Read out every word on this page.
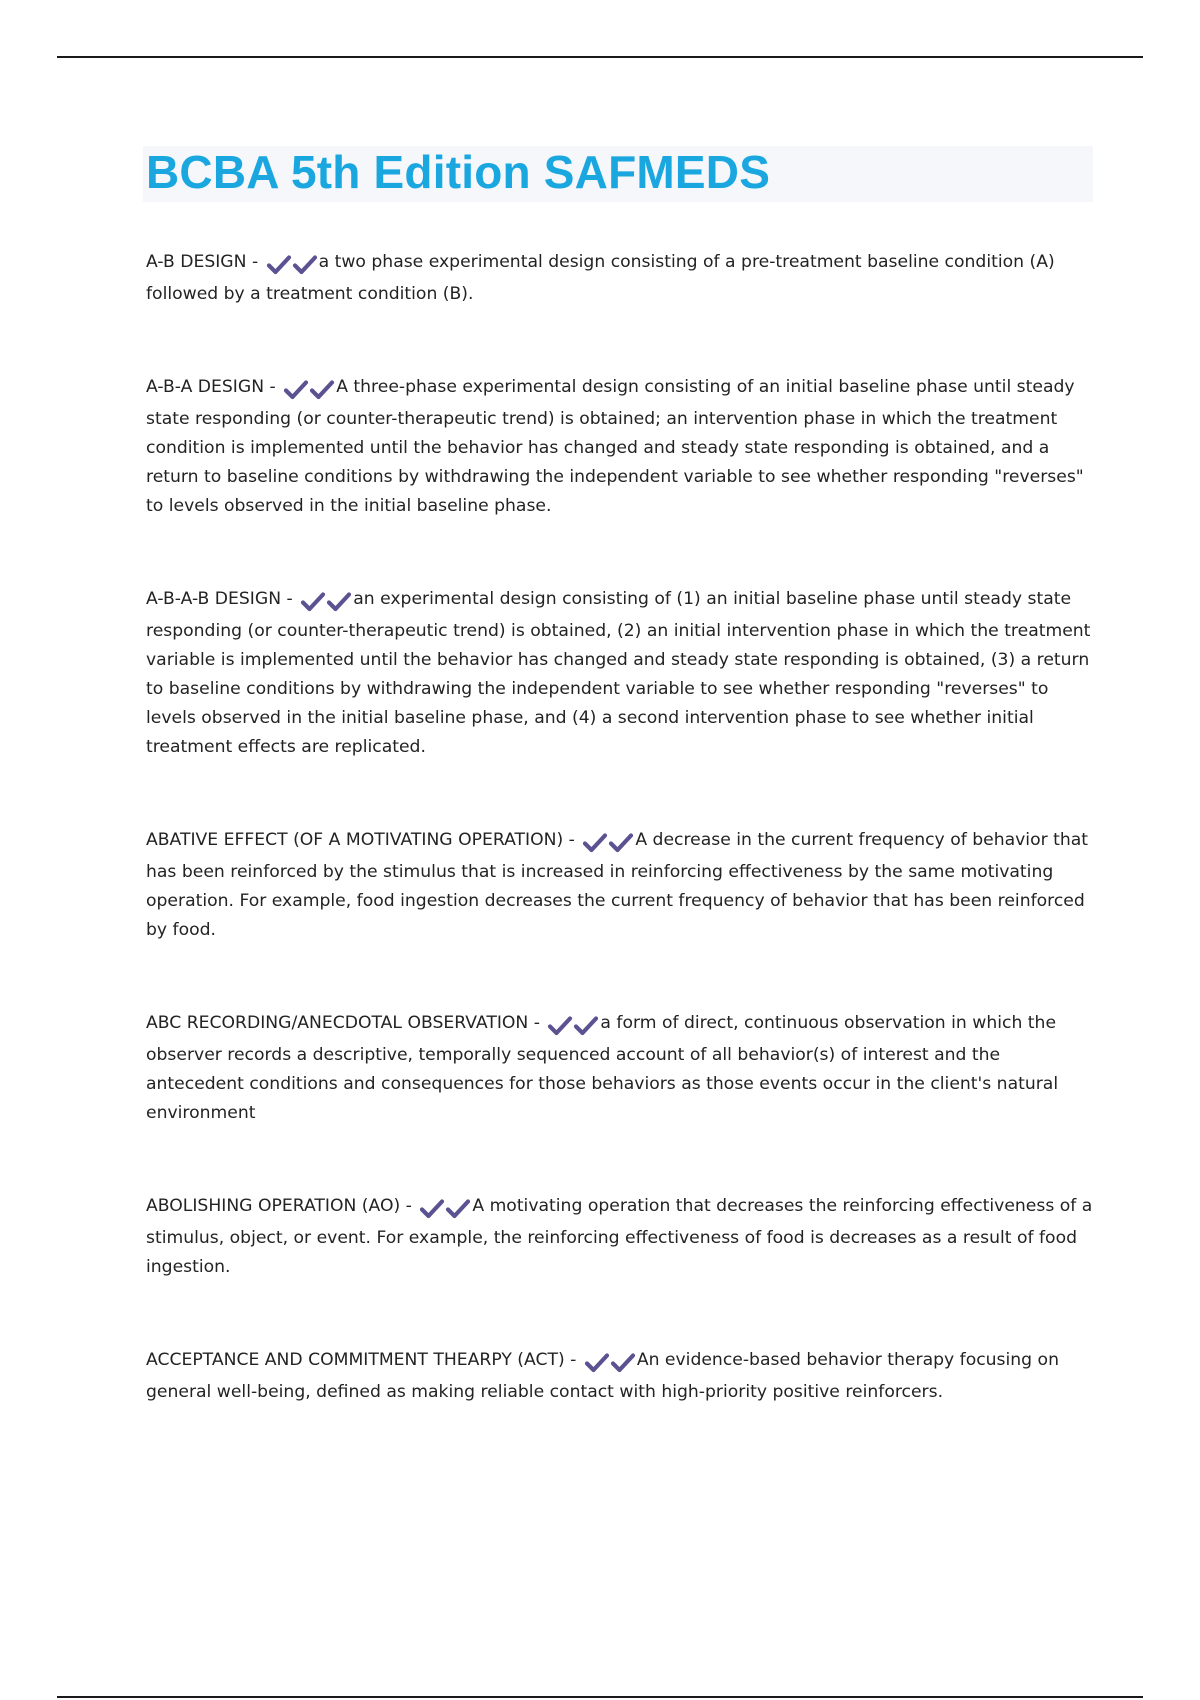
BCBA 5th Edition SAFMEDS

A-B DESIGN -	a two phase experimental design consisting of a pre-treatment baseline condition (A) followed by a treatment condition (B).

A-B-A DESIGN -	A three-phase experimental design consisting of an initial baseline phase until steady state responding (or counter-therapeutic trend) is obtained; an intervention phase in which the treatment condition is implemented until the behavior has changed and steady state responding is obtained, and a return to baseline conditions by withdrawing the independent variable to see whether responding "reverses" to levels observed in the initial baseline phase.

A-B-A-B DESIGN -	an experimental design consisting of (1) an initial baseline phase until steady state responding (or counter-therapeutic trend) is obtained, (2) an initial intervention phase in which the treatment variable is implemented until the behavior has changed and steady state responding is obtained, (3) a return to baseline conditions by withdrawing the independent variable to see whether responding "reverses" to levels observed in the initial baseline phase, and (4) a second intervention phase to see whether initial treatment effects are replicated.

ABATIVE EFFECT (OF A MOTIVATING OPERATION) -	A decrease in the current frequency of behavior that has been reinforced by the stimulus that is increased in reinforcing effectiveness by the same motivating operation. For example, food ingestion decreases the current frequency of behavior that has been reinforced by food.

ABC RECORDING/ANECDOTAL OBSERVATION -	a form of direct, continuous observation in which the observer records a descriptive, temporally sequenced account of all behavior(s) of interest and the antecedent conditions and consequences for those behaviors as those events occur in the client's natural environment

ABOLISHING OPERATION (AO) -	A motivating operation that decreases the reinforcing effectiveness of a stimulus, object, or event. For example, the reinforcing effectiveness of food is decreases as a result of food ingestion.

ACCEPTANCE AND COMMITMENT THEARPY (ACT) -	An evidence-based behavior therapy focusing on general well-being, defined as making reliable contact with high-priority positive reinforcers.
